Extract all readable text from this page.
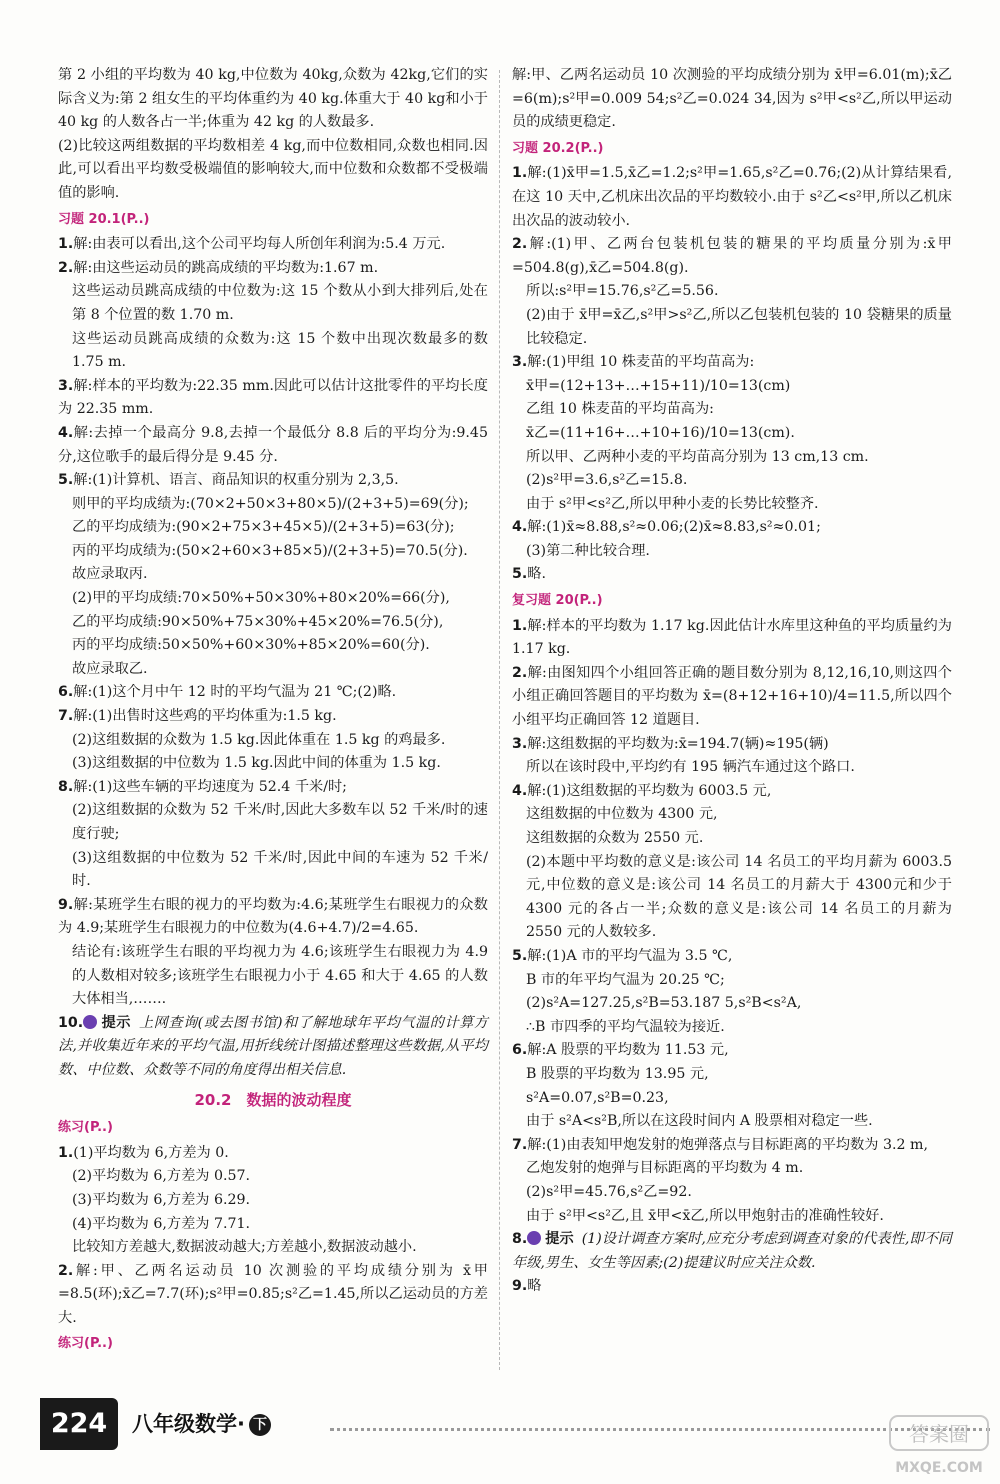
第 2 小组的平均数为 40 kg,中位数为 40kg,众数为 42kg,它们的实际含义为:第 2 组女生的平均体重约为 40 kg.体重大于 40 kg和小于 40 kg 的人数各占一半;体重为 42 kg 的人数最多.
(2)比较这两组数据的平均数相差 4 kg,而中位数相同,众数也相同.因此,可以看出平均数受极端值的影响较大,而中位数和众数都不受极端值的影响.
习题 20.1(P..)
1.解:由表可以看出,这个公司平均每人所创年利润为:5.4 万元.
2.解:由这些运动员的跳高成绩的平均数为:1.67 m.
这些运动员跳高成绩的中位数为:这 15 个数从小到大排列后,处在第 8 个位置的数 1.70 m.
这些运动员跳高成绩的众数为:这 15 个数中出现次数最多的数 1.75 m.
3.解:样本的平均数为:22.35 mm.因此可以估计这批零件的平均长度为 22.35 mm.
4.解:去掉一个最高分 9.8,去掉一个最低分 8.8 后的平均分为:9.45 分,这位歌手的最后得分是 9.45 分.
5.解:(1)计算机、语言、商品知识的权重分别为 2,3,5.
则甲的平均成绩为:(70×2+50×3+80×5)/(2+3+5)=69(分);
乙的平均成绩为:(90×2+75×3+45×5)/(2+3+5)=63(分);
丙的平均成绩为:(50×2+60×3+85×5)/(2+3+5)=70.5(分).
故应录取丙.
(2)甲的平均成绩:70×50%+50×30%+80×20%=66(分),
乙的平均成绩:90×50%+75×30%+45×20%=76.5(分),
丙的平均成绩:50×50%+60×30%+85×20%=60(分).
故应录取乙.
6.解:(1)这个月中午 12 时的平均气温为 21 ℃;(2)略.
7.解:(1)出售时这些鸡的平均体重为:1.5 kg.
(2)这组数据的众数为 1.5 kg.因此体重在 1.5 kg 的鸡最多.
(3)这组数据的中位数为 1.5 kg.因此中间的体重为 1.5 kg.
8.解:(1)这些车辆的平均速度为 52.4 千米/时;
(2)这组数据的众数为 52 千米/时,因此大多数车以 52 千米/时的速度行驶;
(3)这组数据的中位数为 52 千米/时,因此中间的车速为 52 千米/时.
9.解:某班学生右眼的视力的平均数为:4.6;某班学生右眼视力的众数为 4.9;某班学生右眼视力的中位数为(4.6+4.7)/2=4.65.
结论有:该班学生右眼的平均视力为 4.6;该班学生右眼视力为 4.9 的人数相对较多;该班学生右眼视力小于 4.65 和大于 4.65 的人数大体相当,…….
10. 提示 上网查询(或去图书馆)和了解地球年平均气温的计算方法,并收集近年来的平均气温,用折线统计图描述整理这些数据,从平均数、中位数、众数等不同的角度得出相关信息.
20.2　数据的波动程度
练习(P..)
1.(1)平均数为 6,方差为 0.
(2)平均数为 6,方差为 0.57.
(3)平均数为 6,方差为 6.29.
(4)平均数为 6,方差为 7.71.
比较知方差越大,数据波动越大;方差越小,数据波动越小.
2.解:甲、乙两名运动员 10 次测验的平均成绩分别为 x̄甲=8.5(环);x̄乙=7.7(环);s²甲=0.85;s²乙=1.45,所以乙运动员的方差大.
练习(P..)
解:甲、乙两名运动员 10 次测验的平均成绩分别为 x̄甲=6.01(m);x̄乙=6(m);s²甲=0.009 54;s²乙=0.024 34,因为 s²甲<s²乙,所以甲运动员的成绩更稳定.
习题 20.2(P..)
1.解:(1)x̄甲=1.5,x̄乙=1.2;s²甲=1.65,s²乙=0.76;(2)从计算结果看,在这 10 天中,乙机床出次品的平均数较小.由于 s²乙<s²甲,所以乙机床出次品的波动较小.
2.解:(1)甲、乙两台包装机包装的糖果的平均质量分别为:x̄甲=504.8(g),x̄乙=504.8(g).
所以:s²甲=15.76,s²乙=5.56.
(2)由于 x̄甲=x̄乙,s²甲>s²乙,所以乙包装机包装的 10 袋糖果的质量比较稳定.
3.解:(1)甲组 10 株麦苗的平均苗高为:
x̄甲=(12+13+…+15+11)/10=13(cm)
乙组 10 株麦苗的平均苗高为:
x̄乙=(11+16+…+10+16)/10=13(cm).
所以甲、乙两种小麦的平均苗高分别为 13 cm,13 cm.
(2)s²甲=3.6,s²乙=15.8.
由于 s²甲<s²乙,所以甲种小麦的长势比较整齐.
4.解:(1)x̄≈8.88,s²≈0.06;(2)x̄≈8.83,s²≈0.01;
(3)第二种比较合理.
5.略.
复习题 20(P..)
1.解:样本的平均数为 1.17 kg.因此估计水库里这种鱼的平均质量约为 1.17 kg.
2.解:由图知四个小组回答正确的题目数分别为 8,12,16,10,则这四个小组正确回答题目的平均数为 x̄=(8+12+16+10)/4=11.5,所以四个小组平均正确回答 12 道题目.
3.解:这组数据的平均数为:x̄=194.7(辆)≈195(辆)
所以在该时段中,平均约有 195 辆汽车通过这个路口.
4.解:(1)这组数据的平均数为 6003.5 元,
这组数据的中位数为 4300 元,
这组数据的众数为 2550 元.
(2)本题中平均数的意义是:该公司 14 名员工的平均月薪为 6003.5 元,中位数的意义是:该公司 14 名员工的月薪大于 4300元和少于 4300 元的各占一半;众数的意义是:该公司 14 名员工的月薪为 2550 元的人数较多.
5.解:(1)A 市的平均气温为 3.5 ℃,
B 市的年平均气温为 20.25 ℃;
(2)s²A=127.25,s²B=53.187 5,s²B<s²A,
∴B 市四季的平均气温较为接近.
6.解:A 股票的平均数为 11.53 元,
B 股票的平均数为 13.95 元,
s²A=0.07,s²B=0.23,
由于 s²A<s²B,所以在这段时间内 A 股票相对稳定一些.
7.解:(1)由表知甲炮发射的炮弹落点与目标距离的平均数为 3.2 m,
乙炮发射的炮弹与目标距离的平均数为 4 m.
(2)s²甲=45.76,s²乙=92.
由于 s²甲<s²乙,且 x̄甲<x̄乙,所以甲炮射击的准确性较好.
8. 提示 (1)设计调查方案时,应充分考虑到调查对象的代表性,即不同年级,男生、女生等因素;(2)提建议时应关注众数.
9.略
224	八年级数学· 下	答案圈
MXQE.COM
